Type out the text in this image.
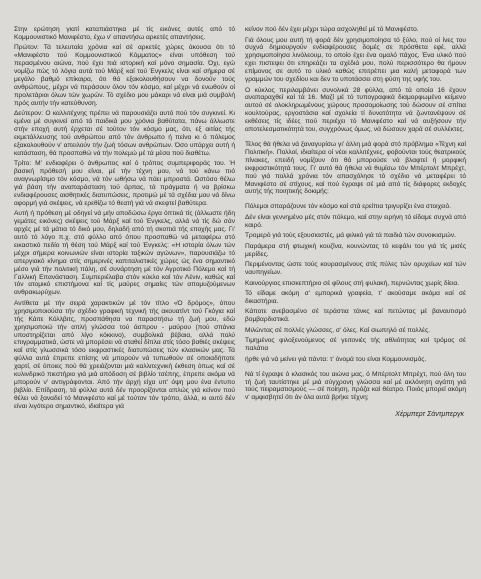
Στην ερώτηση γιατί καταπιάστηκα μέ τίς εικόνες αυτές από τό Κομμουνιστικό Μανιφέστο, έχω ν' απαντήσω αρκετές απαντήσεις.

Πρώτον: Τά τελευταία χρόνια καί σέ αρκετές χώρες άκουσα ότι τό «Μανιφέστο τού Κομμουνιστικού Κόμματος» είναι υπόθεση τού περασμένου αιώνα, πού έχει πιά ιστορική καί μόνο σημασία. Όχι, εγώ νομίζω πώς τό λόγια αυτά τού Μάρξ καί τού Ένγκελς είναι καί σήμερα σέ μεγάλο βαθμό επίκαιρα, ότι θά εξακολουθήσουν να δονούν τούς ανθρώπους, μέχρι νά περάσουν όλον τόν κόσμο, καί μέχρι νά ενωθούν οί προλετάριοι όλων τών χωρών. Τό σχέδιο μου μάκαρι νά είναι μιά συμβολή πρός αυτήν τήν κατεύθυνση.

Δεύτερον: Ο καλλιτέχνης πρέπει νά παρουσιάζει αυτό πού τόν συγκινεί. Κι εμένα μέ συγκινεί από τά παιδικά μου χρόνια βαθύτατα, πάνω άλλωστε στήν εποχή αυτή έρχεται σέ τούτον τόν κόσμο μας, ότι, εξ αιτίας τής εκμετάλλευσης τού ανθρώπου από τόν άνθρωπο ή πείνα κι ό πόλεμος εξακολουθούν ν' απειλούν τήν ζωή τόσων ανθρώπων. Όσο υπάρχει αυτή ή κατάσταση, θά προσπαθώ νά τήν πολεμώ μέ τά μέσα πού διαθέτω.

Τρίτο: Μ' ενδιαφέρει ό άνθρωπος καί ό τρόπος συμπεριφοράς του. Ή βασική πρόθεσή μου είναι, μέ τήν τέχνη μου, νά τού κάνω πιό αναγνωρίσιμο τόν κόσμο, νά τόν ωθήσω νά πάει μπροστά. Ωστόσο θέλω γιά βάση τήν αναπαράσταση τού άρπας, τά πράγματα ή να βρίσκω ενδιαφέρουσες αισθητικές διατυπώσεις, προτιμώ μέ τά σχέδια μου νά δίνω αφορμή γιά σκέψεις, νά ερεθίζω τό θεατή γιά νά σκεφτεί βαθύτερα.

Αυτή ή πρόθεση μέ οδηγεί νά μήν αποδώσω έργα όπτικά τίς (άλλωστε ήδη γεμάτες εικόνες) σκέψεις τού Μάρξ καί τού Ένγκελς, αλλά νά τίς δώ σάν αρχές μέ τά μάτια τό δικό μου, δηλαδή από τή σκοπιά τής εποχής μας. Γι' αυτό τό λόγο π.χ. στό φύλλο από όπου προσπαθώ νά μεταφέρω στό εικαστικό πεδίο τή θέση τού Μάρξ καί τού Ένγκελς: «Η ιστορία όλων τών μέχρι σήμερα κοινωνιών είναι ιστορία ταξικών αγώνων», παρουσιάζω τό απεργιακό κίνημα στίς σημερινές καπιταλιστικές χώρες ώς ένα σημαντικό μέσο γιά τήν πολιτική πάλη, σέ συνάρτηση μέ τόν Αγροτικό Πόλεμο καί τή Γαλλική Επανάσταση. Συμπεριέλαβα στόν κύκλο καί τόν Λένιν, καθώς καί τόν ατομικό επιστήμονα καί τίς μαύρες σημαίες τών απομυζούμενων ανθρακωρύχων.

Αντίθετα μέ τήν σειρά χαρακτικών μέ τόν τίτλο «Ό δρόμος», όπου χρησιμοποιούσα τήν σχέδιο γραφική τεχνική τής ακουατίντ τού Γκόγια καί τής Κάιτε Κόλλβιτς, προσπάθησα να παραστήσω τή ζωή μου, εδώ χρησιμοποιώ τήν απλή γλώσσα τού άσπρου - μαύρου (πού σπάνια υποστηρίζεται από λίγο κόκκινο), συμβολικά βέβαια, αλλά πολύ επιγραμματικά, ώστε νά μπορέσει νά σταθεί δίπλα στίς τόσο βαθιές σκέψεις καί στίς γλωσσικά τόσο εκφραστικές διατυπώσεις τών κλασικών μας. Τά φύλλα αυτά έπρεπε επίσης νά μπορούν νά τυπωθούν σέ οποιαδήποτε χαρτί, σέ όποιες πού θά χρειάζονται μιά καλλιτεχνική έκθεση όπως καί σέ κυλινδρικό πιεστήριο γιά μιά απόδοση σέ βιβλίο τσέπης, έπρεπε ακόμα νά μπορούν ν' αντιγράφονται. Από τήν άρχή είχα υπ' όψη μου ένα έντυπο βιβλίο. Επίδραση, τά φύλλα αυτά δέν προορίζονται απλώς γιά κείνον πού θέλει νά ξαναδεί τό Μανιφέστο καί μέ τούτον τόν τρόπο, άλλά, κι αυτό δέν είναι λιγότερο σημαντικό, ιδιαίτερα γιά

κείνον πού δέν έχει μέχρι τώρα ασχοληθεί μέ τό Μανιφέστο.

Γιά όλους μου αυτή τή φορά δέν χρησιμοποίησα τό ξύλο, πού οί ίνες του συχνά δημιουργούν ενδιαφέρουσες δομές σε πρόσθετα εφέ, αλλά χρησιμοποίησα λινόλεουμ, το οποίο έχει ένα ομαλό πάχος. Ένα υλικό πού εχει πιστεψει ότι επηρεάζει τα σχέδιά μου, πολύ περισσότερο θα ήμουν επίμονος σε αυτό το υλικό καθώς επιτρέπει μια καλή μεταφορά των γραμμών του σχεδίου και δεν το υποτάσσει στη φύση της υφής του.

Ο κύκλος περιλαμβάνει συνολικά 28 φύλλα, από τά οποία 16 έχουν αναπαραχθεί καί τά 16. Μαζί μέ τό τυπογραφικά διαμορφωμένο κείμενο αυτού σέ ολοκληρωμένους χώρους προσομοίωσης τού δώσουν σέ σπίτια κουλτούρας, εργοστάσια καί σχολεία τί δυνατότητα νά ζωντανέψουν σέ εκθέσεις τίς ιδέες πού περιέχει τό Μανιφέστο καί νά αυξήσουν τήν αποτελεσματικότητά του, συγχρόνως όμως, νά δώσουν χαρά σέ συλλέκτες.

Τέλος θά ήθελα νά ξαναγυρίσω γι' άλλη μιά φορά στό πρόβλημα «Τέχνη καί Πολιτική». Πολλοί, ιδιαίτερα οί νέοι καλλιτέχνες, φοβούνται τούς θεατρικούς πίνακες, επειδή νομίζουν ότι θά μπορούσε νά βλαφτεί ή μορφική εκφραστικότητά τους. Γι' αυτό θά ήθελα νά θυμίσω τόν Μπέρτολτ Μπρέχτ, πού γιά πολλά χρόνια τόν απασχόλησε τό σχέδιο νά μεταφέρει τό Μανιφέστο σέ στίχους, καί πού έγραψε σέ μιά από τίς διάφορες εκδοχές αυτής τής ποιητικής δοκιμής:

Πόλεμοι σπαράζουνε τόν κόσμο καί στά ερείπια τριγυρίζει ένα στοιχειό.

Δέν είναι γεννημένο μές στόν πόλεμο, καί στην ειρήνη τό είδαμε συχνά από καιρό.

Τρομερό γιά τούς εξουσιαστές, μά φιλικό γιά τά παιδιά τών συνοικισμών.

Παράμερα στή φτωχική κουζίνα, κουνώντας τό κεφάλι του γιά τίς μισές μερίδες.

Περιμένοντας ώστε τούς κουρασμένους στίς πύλες τών ορυχείων καί τών ναυπηγείων.

Καινούργιος επισκεπτήριο σέ φίλους στή φυλακή, περνώντας χωρίς δίεια.

Τό είδαμε ακόμη σ' εμπορικά γραφεία, τ' ακούσαμε ακόμα καί σέ δικαστήρια.

Κάποτε ανεβασμένο σέ τεράστια τάνκς καί πετώντας μέ βαναυτισμό βομβαρδιστικά.

Μιλώντας σέ πολλές γλώσσες, σ' όλες. Καί σιωπηλό σέ πολλές.

Τιμημένος φιλοξενούμενος σέ γειτονιές τής αθλιότητας καί τρόμος σέ παλάτια

ήρθε γιά νά μείνει γιά πάντα: τ' όνομά του είναι Κομμουνισμός.

Νά τί έγραψε ό κλασικός του αιώνα μας, ό Μπέρτολτ Μπρέχτ, πού όλη του τή ζωή ταυτίστηκε μέ μιά σύγχρονη γλώσσα καί μέ ακλόνητη αγάπη γιά τούς πειραματισμούς — σέ ποίηση, πρόζα καί θέατρο. Ποιός μπορεί ακόμη ν' αμφισβητεί ότι άν όλα αυτά βρήκε τέχνη;

Χέρμπερτ Σάντμπεργκ
